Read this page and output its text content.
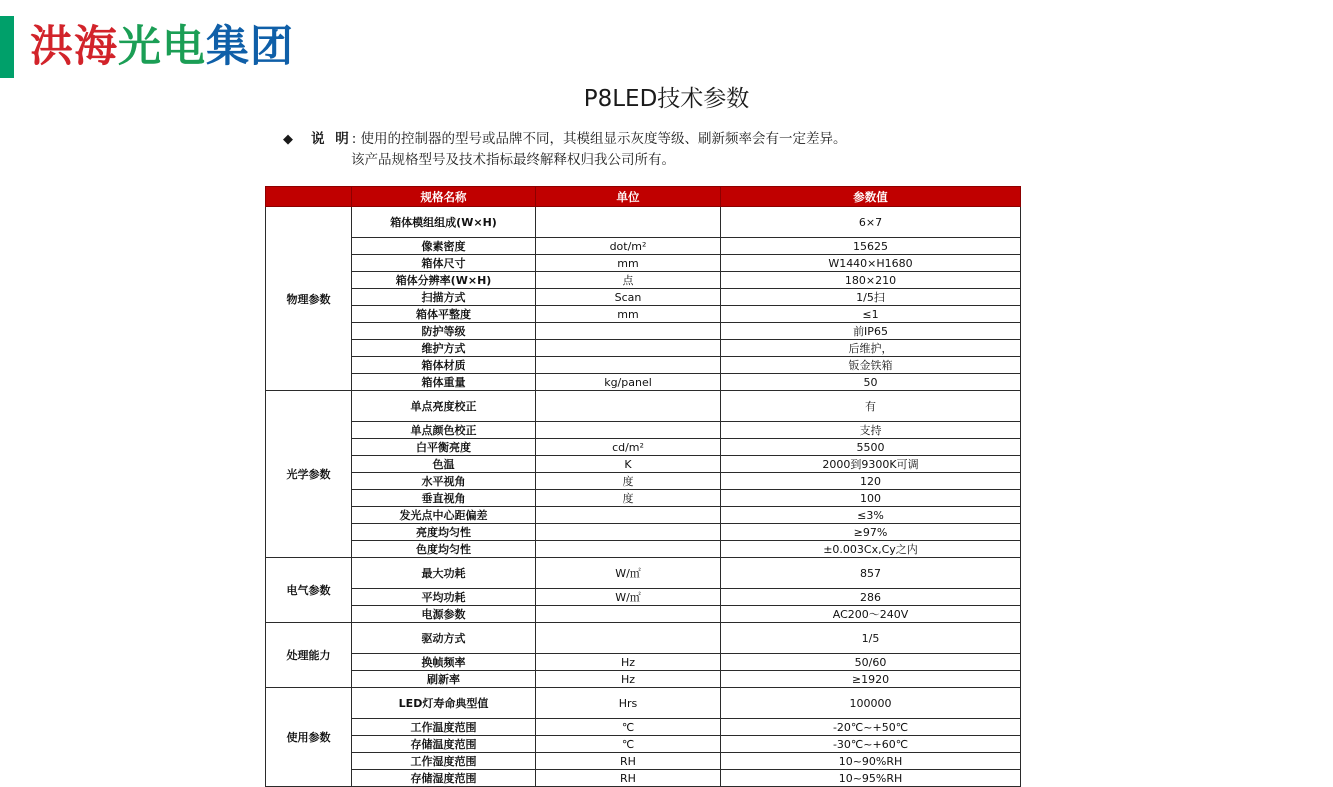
洪海光电集团
P8LED技术参数
◆ 说 明: 使用的控制器的型号或品牌不同，其模组显示灰度等级、刷新频率会有一定差异。
该产品规格型号及技术指标最终解释权归我公司所有。
	规格名称	单位	参数值
物理参数	箱体模组组成(W×H)		6×7
	像素密度	dot/m²	15625
	箱体尺寸	mm	W1440×H1680
	箱体分辨率(W×H)	点	180×210
	扫描方式	Scan	1/5扫
	箱体平整度	mm	≤1
	防护等级		前IP65
	维护方式		后维护，
	箱体材质		钣金铁箱
	箱体重量	kg/panel	50
光学参数	单点亮度校正		有
	单点颜色校正		支持
	白平衡亮度	cd/m²	5500
	色温	K	2000到9300K可调
	水平视角	度	120
	垂直视角	度	100
	发光点中心距偏差		≤3%
	亮度均匀性		≥97%
	色度均匀性		±0.003Cx,Cy之内
电气参数	最大功耗	W/㎡	857
	平均功耗	W/㎡	286
	电源参数		AC200～240V
处理能力	驱动方式		1/5
	换帧频率	Hz	50/60
	刷新率	Hz	≥1920
使用参数	LED灯寿命典型值	Hrs	100000
	工作温度范围	℃	-20℃~+50℃
	存储温度范围	℃	-30℃~+60℃
	工作湿度范围	RH	10~90%RH
	存储湿度范围	RH	10~95%RH
